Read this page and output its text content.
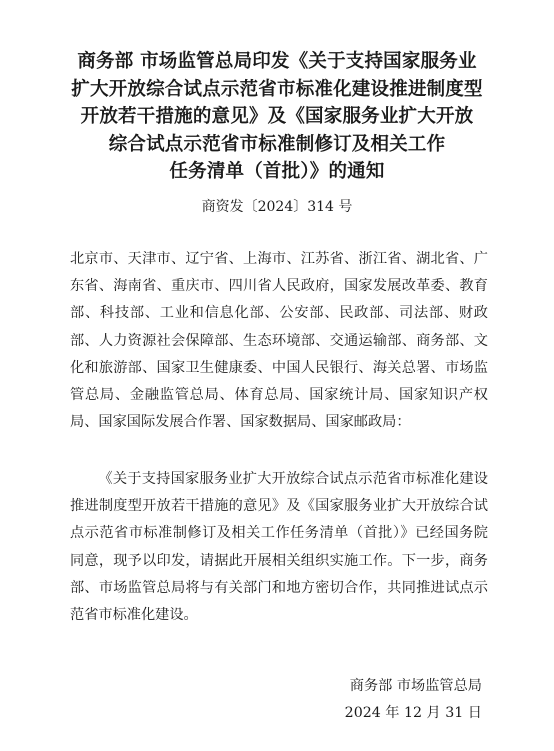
商务部 市场监管总局印发《关于支持国家服务业
扩大开放综合试点示范省市标准化建设推进制度型
开放若干措施的意见》及《国家服务业扩大开放
综合试点示范省市标准制修订及相关工作
任务清单（首批）》的通知
商资发〔2024〕314 号

北京市、天津市、辽宁省、上海市、江苏省、浙江省、湖北省、广东省、海南省、重庆市、四川省人民政府，国家发展改革委、教育部、科技部、工业和信息化部、公安部、民政部、司法部、财政部、人力资源社会保障部、生态环境部、交通运输部、商务部、文化和旅游部、国家卫生健康委、中国人民银行、海关总署、市场监管总局、金融监管总局、体育总局、国家统计局、国家知识产权局、国家国际发展合作署、国家数据局、国家邮政局：

《关于支持国家服务业扩大开放综合试点示范省市标准化建设推进制度型开放若干措施的意见》及《国家服务业扩大开放综合试点示范省市标准制修订及相关工作任务清单（首批）》已经国务院同意，现予以印发，请据此开展相关组织实施工作。下一步，商务部、市场监管总局将与有关部门和地方密切合作，共同推进试点示范省市标准化建设。

商务部 市场监管总局
2024 年 12 月 31 日
